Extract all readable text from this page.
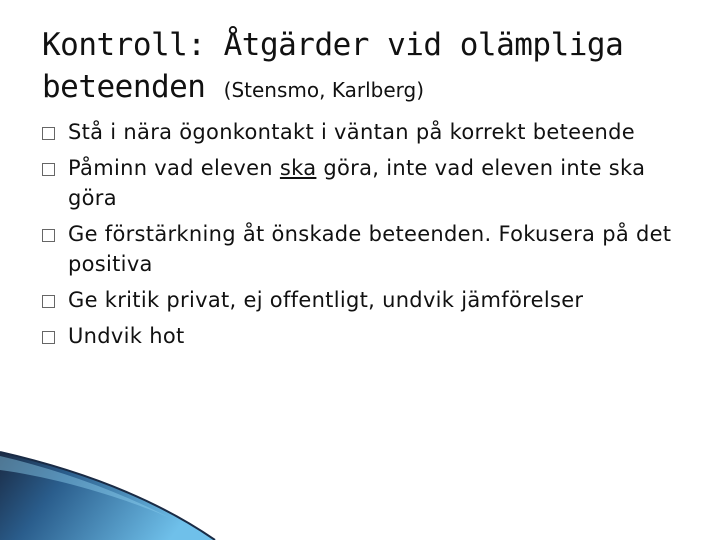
Kontroll: Åtgärder vid olämpliga beteenden (Stensmo, Karlberg)
Stå i nära ögonkontakt i väntan på korrekt beteende
Påminn vad eleven ska göra, inte vad eleven inte ska göra
Ge förstärkning åt önskade beteenden. Fokusera på det positiva
Ge kritik privat, ej offentligt, undvik jämförelser
Undvik hot
